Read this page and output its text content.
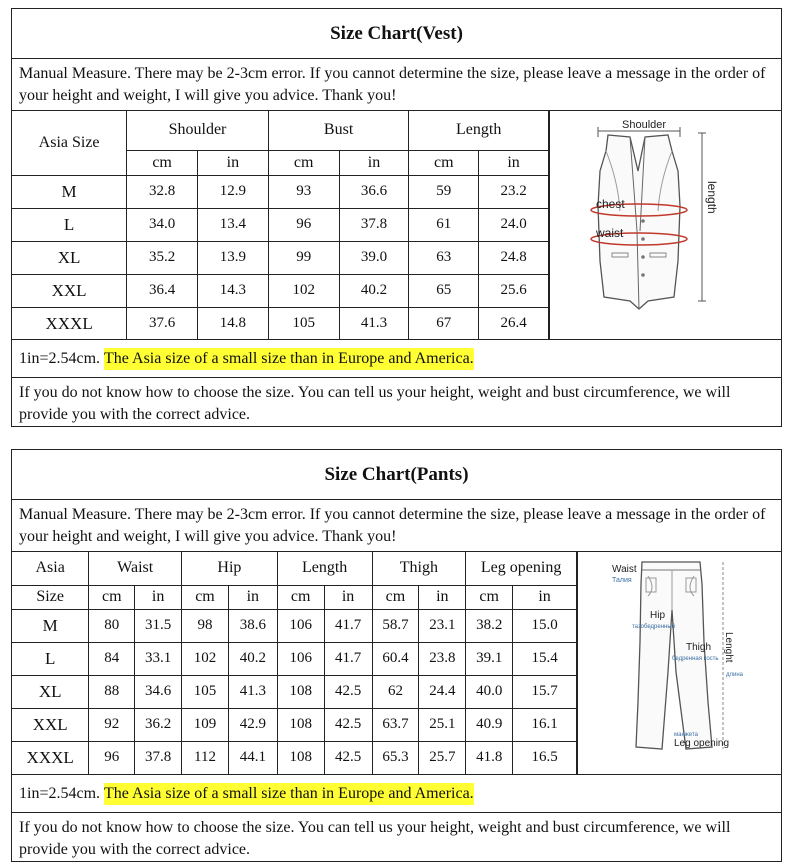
Size Chart(Vest)
Manual Measure. There may be 2-3cm error. If you cannot determine the size, please leave a message in the order of your height and weight, I will give you advice. Thank you!
Asia Size	Shoulder		Bust		Length	
	cm	in	cm	in	cm	in
M	32.8	12.9	93	36.6	59	23.2
L	34.0	13.4	96	37.8	61	24.0
XL	35.2	13.9	99	39.0	63	24.8
XXL	36.4	14.3	102	40.2	65	25.6
XXXL	37.6	14.8	105	41.3	67	26.4
Shoulder
chest
waist
length
1in=2.54cm.
The Asia size of a small size than in Europe and America.
If you do not know how to choose the size. You can tell us your height, weight and bust circumference, we will provide you with the correct advice.
Size Chart(Pants)
Manual Measure. There may be 2-3cm error. If you cannot determine the size, please leave a message in the order of your height and weight, I will give you advice. Thank you!
Asia	Waist		Hip		Length		Thigh		Leg opening	
Size	cm	in	cm	in	cm	in	cm	in	cm	in
M	80	31.5	98	38.6	106	41.7	58.7	23.1	38.2	15.0
L	84	33.1	102	40.2	106	41.7	60.4	23.8	39.1	15.4
XL	88	34.6	105	41.3	108	42.5	62	24.4	40.0	15.7
XXL	92	36.2	109	42.9	108	42.5	63.7	25.1	40.9	16.1
XXXL	96	37.8	112	44.1	108	42.5	65.3	25.7	41.8	16.5
Waist
Талия
Hip
тазобедренный
Thigh
бедренная кость Lenght
длина
манжета
Leg opening
1in=2.54cm.
The Asia size of a small size than in Europe and America.
If you do not know how to choose the size. You can tell us your height, weight and bust circumference, we will provide you with the correct advice.
